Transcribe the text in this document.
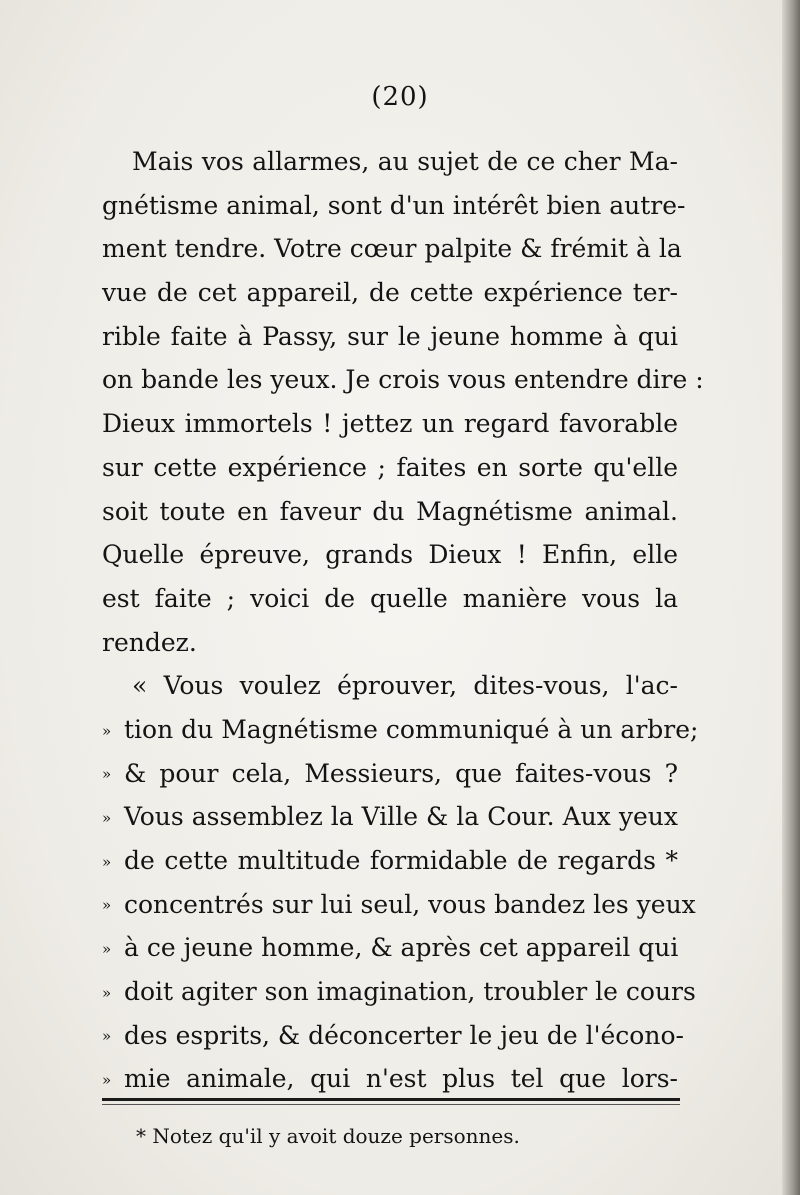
(20)
Mais vos allarmes, au sujet de ce cher Ma-
gnétisme animal, sont d'un intérêt bien autre-
ment tendre. Votre cœur palpite & frémit à la
vue de cet appareil, de cette expérience ter-
rible faite à Passy, sur le jeune homme à qui
on bande les yeux. Je crois vous entendre dire :
Dieux immortels ! jettez un regard favorable
sur cette expérience ; faites en sorte qu'elle
soit toute en faveur du Magnétisme animal.
Quelle épreuve, grands Dieux ! Enfin, elle
est faite ; voici de quelle manière vous la
rendez.
« Vous voulez éprouver, dites-vous, l'ac-
» tion du Magnétisme communiqué à un arbre;
» & pour cela, Messieurs, que faites-vous ?
» Vous assemblez la Ville & la Cour. Aux yeux
» de cette multitude formidable de regards *
» concentrés sur lui seul, vous bandez les yeux
» à ce jeune homme, & après cet appareil qui
» doit agiter son imagination, troubler le cours
» des esprits, & déconcerter le jeu de l'écono-
» mie animale, qui n'est plus tel que lors-
* Notez qu'il y avoit douze personnes.
